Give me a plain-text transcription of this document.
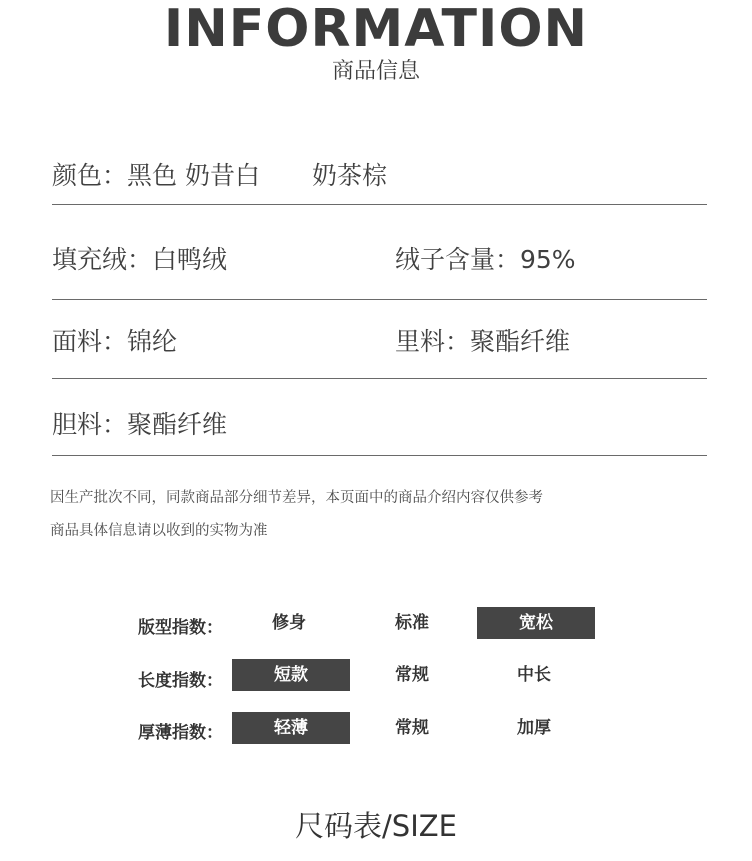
INFORMATION
商品信息
颜色：黑色 奶昔白 奶茶棕
填充绒：白鸭绒	绒子含量：95%
面料：锦纶	里料：聚酯纤维
胆料：聚酯纤维
因生产批次不同，同款商品部分细节差异，本页面中的商品介绍内容仅供参考
商品具体信息请以收到的实物为准
版型指数：	修身	标准	宽松
长度指数：	短款	常规	中长
厚薄指数：	轻薄	常规	加厚
尺码表/SIZE
